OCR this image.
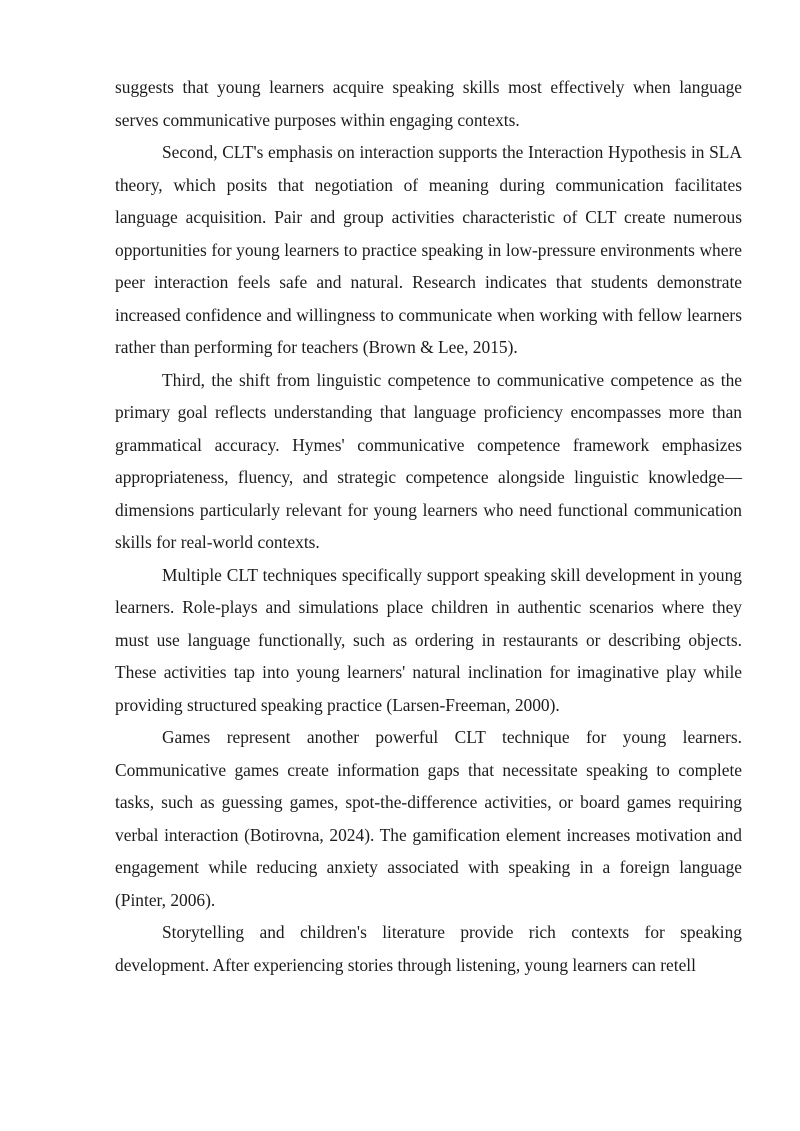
suggests that young learners acquire speaking skills most effectively when language serves communicative purposes within engaging contexts.

Second, CLT's emphasis on interaction supports the Interaction Hypothesis in SLA theory, which posits that negotiation of meaning during communication facilitates language acquisition. Pair and group activities characteristic of CLT create numerous opportunities for young learners to practice speaking in low-pressure environments where peer interaction feels safe and natural. Research indicates that students demonstrate increased confidence and willingness to communicate when working with fellow learners rather than performing for teachers (Brown & Lee, 2015).

Third, the shift from linguistic competence to communicative competence as the primary goal reflects understanding that language proficiency encompasses more than grammatical accuracy. Hymes' communicative competence framework emphasizes appropriateness, fluency, and strategic competence alongside linguistic knowledge—dimensions particularly relevant for young learners who need functional communication skills for real-world contexts.

Multiple CLT techniques specifically support speaking skill development in young learners. Role-plays and simulations place children in authentic scenarios where they must use language functionally, such as ordering in restaurants or describing objects. These activities tap into young learners' natural inclination for imaginative play while providing structured speaking practice (Larsen-Freeman, 2000).

Games represent another powerful CLT technique for young learners. Communicative games create information gaps that necessitate speaking to complete tasks, such as guessing games, spot-the-difference activities, or board games requiring verbal interaction (Botirovna, 2024). The gamification element increases motivation and engagement while reducing anxiety associated with speaking in a foreign language (Pinter, 2006).

Storytelling and children's literature provide rich contexts for speaking development. After experiencing stories through listening, young learners can retell
